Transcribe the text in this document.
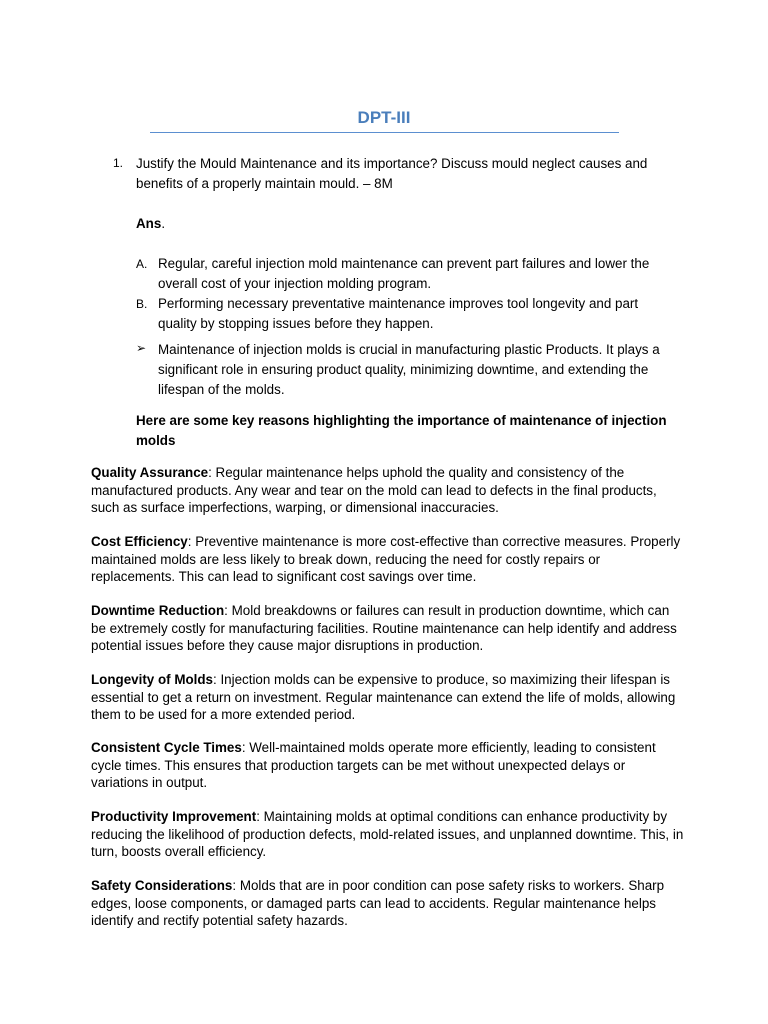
DPT-III
1. Justify the Mould Maintenance and its importance? Discuss mould neglect causes and benefits of a properly maintain mould. – 8M
Ans.
A. Regular, careful injection mold maintenance can prevent part failures and lower the overall cost of your injection molding program.
B. Performing necessary preventative maintenance improves tool longevity and part quality by stopping issues before they happen.
➢ Maintenance of injection molds is crucial in manufacturing plastic Products. It plays a significant role in ensuring product quality, minimizing downtime, and extending the lifespan of the molds.
Here are some key reasons highlighting the importance of maintenance of injection molds
Quality Assurance: Regular maintenance helps uphold the quality and consistency of the manufactured products. Any wear and tear on the mold can lead to defects in the final products, such as surface imperfections, warping, or dimensional inaccuracies.
Cost Efficiency: Preventive maintenance is more cost-effective than corrective measures. Properly maintained molds are less likely to break down, reducing the need for costly repairs or replacements. This can lead to significant cost savings over time.
Downtime Reduction: Mold breakdowns or failures can result in production downtime, which can be extremely costly for manufacturing facilities. Routine maintenance can help identify and address potential issues before they cause major disruptions in production.
Longevity of Molds: Injection molds can be expensive to produce, so maximizing their lifespan is essential to get a return on investment. Regular maintenance can extend the life of molds, allowing them to be used for a more extended period.
Consistent Cycle Times: Well-maintained molds operate more efficiently, leading to consistent cycle times. This ensures that production targets can be met without unexpected delays or variations in output.
Productivity Improvement: Maintaining molds at optimal conditions can enhance productivity by reducing the likelihood of production defects, mold-related issues, and unplanned downtime. This, in turn, boosts overall efficiency.
Safety Considerations: Molds that are in poor condition can pose safety risks to workers. Sharp edges, loose components, or damaged parts can lead to accidents. Regular maintenance helps identify and rectify potential safety hazards.
